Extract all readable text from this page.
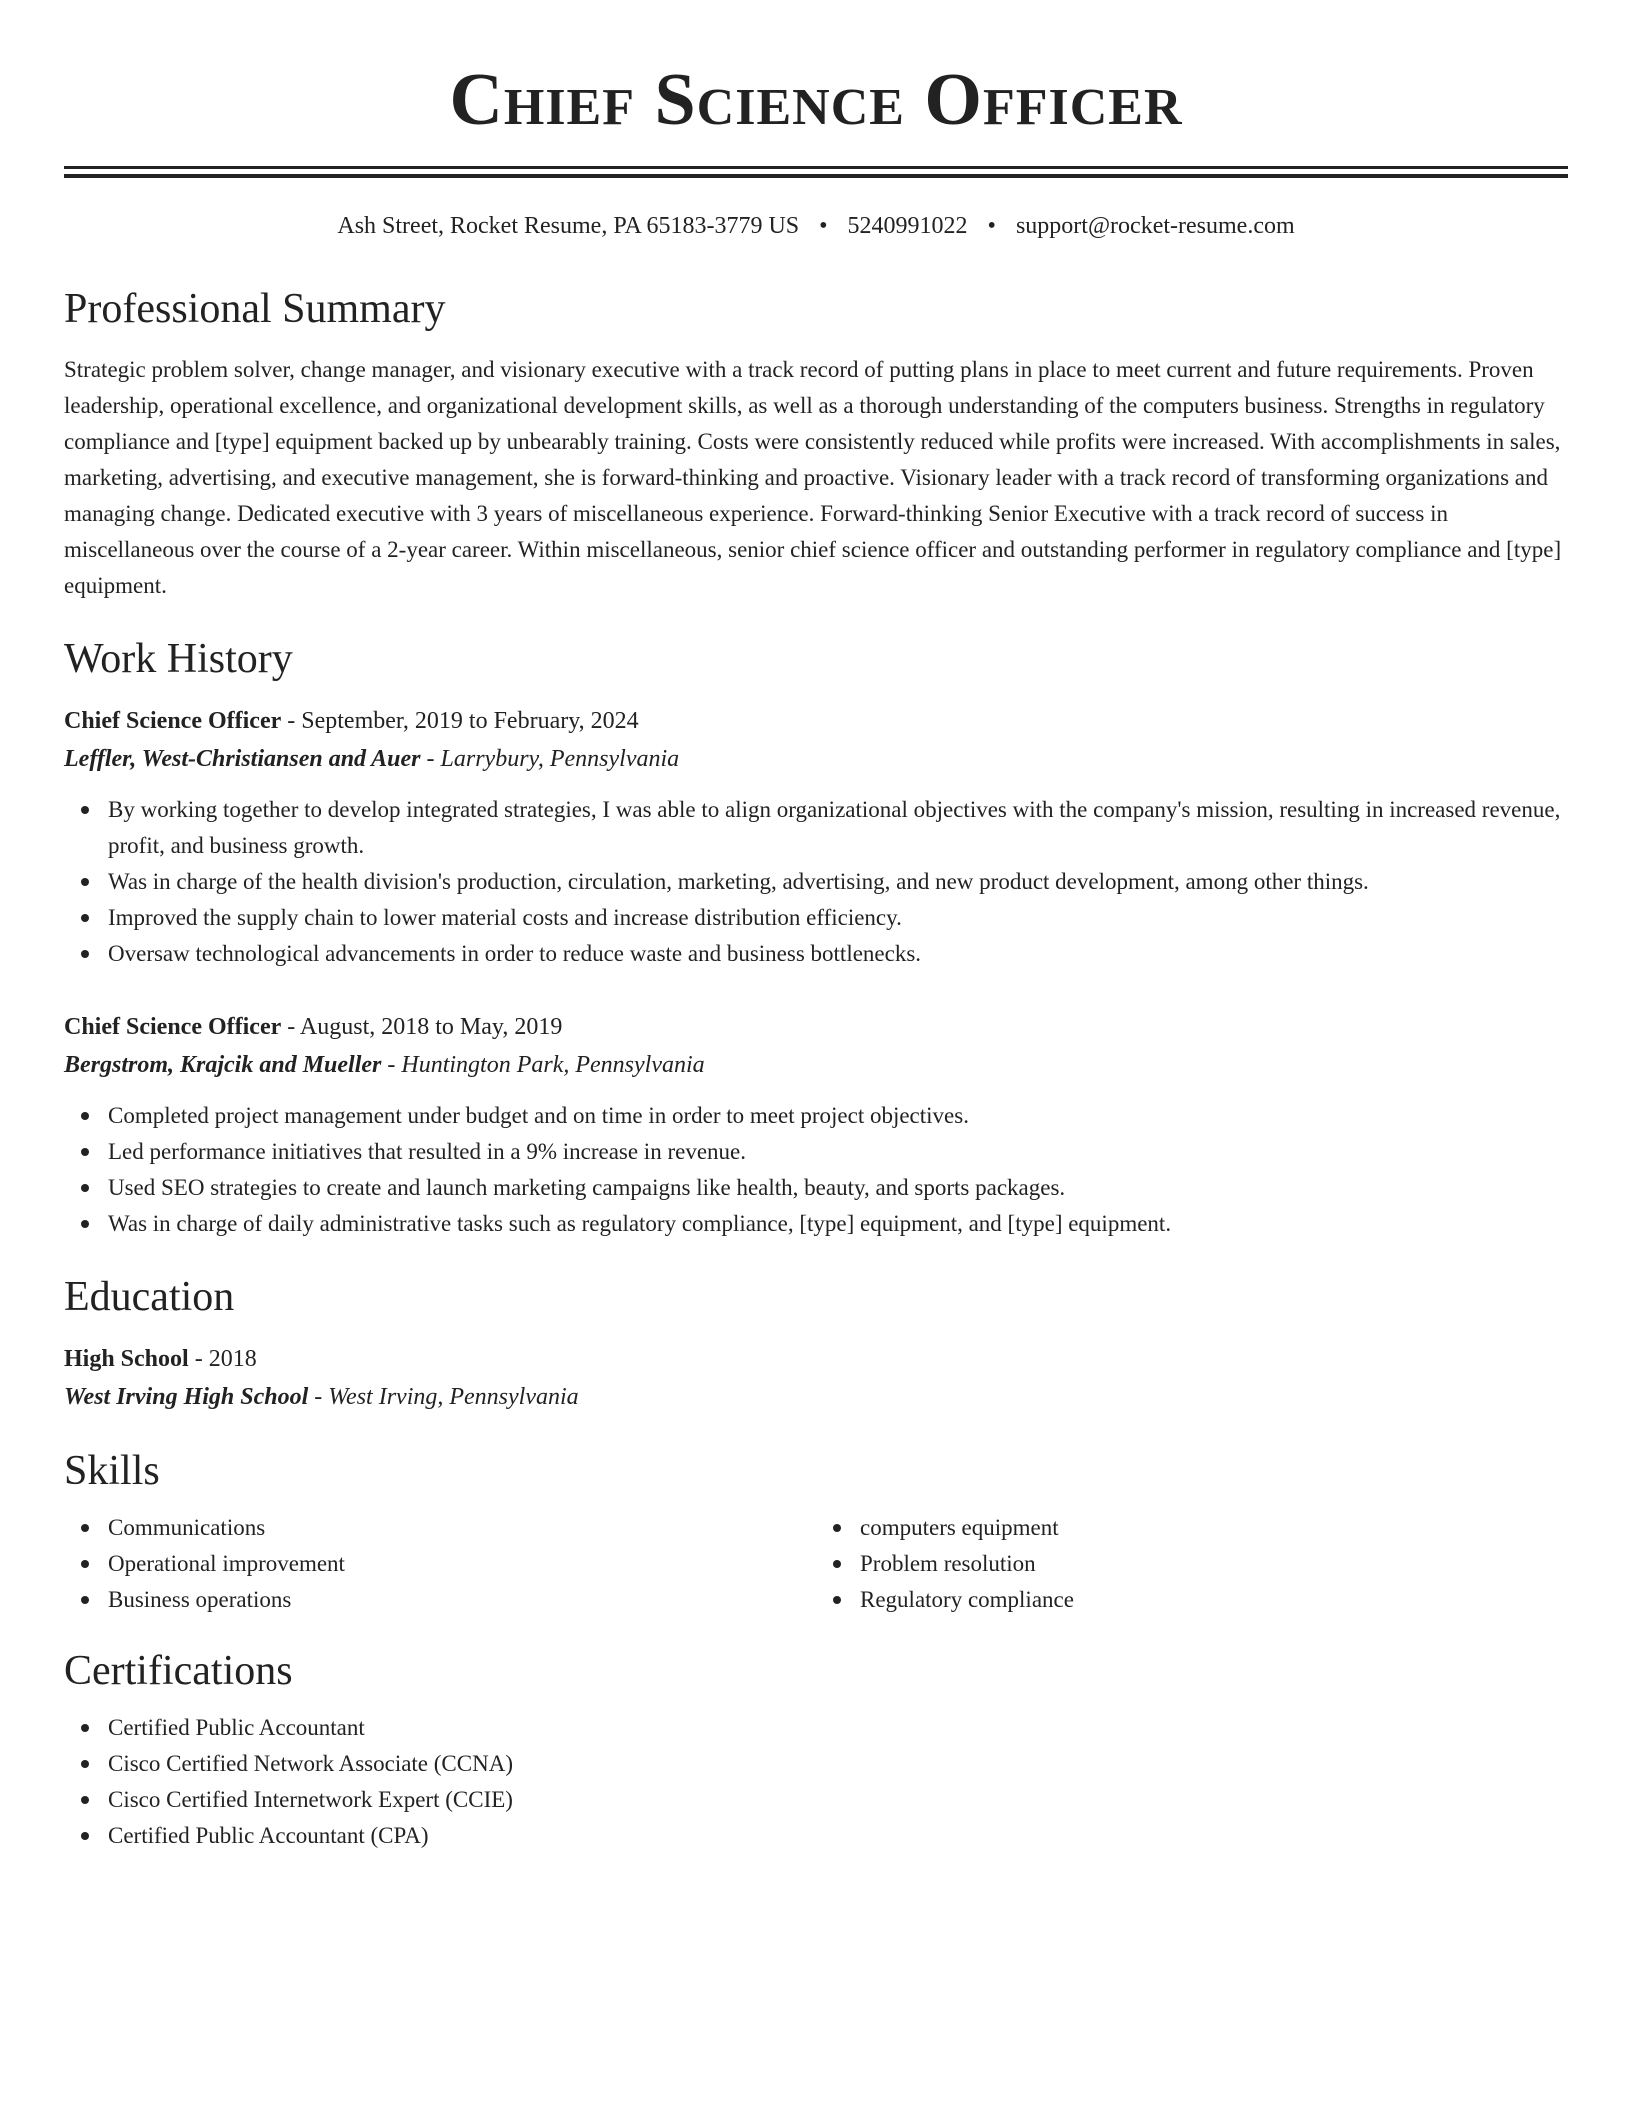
Chief Science Officer
Ash Street, Rocket Resume, PA 65183-3779 US • 5240991022 • support@rocket-resume.com
Professional Summary

Strategic problem solver, change manager, and visionary executive with a track record of putting plans in place to meet current and future requirements. Proven leadership, operational excellence, and organizational development skills, as well as a thorough understanding of the computers business. Strengths in regulatory compliance and [type] equipment backed up by unbearably training. Costs were consistently reduced while profits were increased. With accomplishments in sales, marketing, advertising, and executive management, she is forward-thinking and proactive. Visionary leader with a track record of transforming organizations and managing change. Dedicated executive with 3 years of miscellaneous experience. Forward-thinking Senior Executive with a track record of success in miscellaneous over the course of a 2-year career. Within miscellaneous, senior chief science officer and outstanding performer in regulatory compliance and [type] equipment.

Work History
Chief Science Officer - September, 2019 to February, 2024
Leffler, West-Christiansen and Auer - Larrybury, Pennsylvania
By working together to develop integrated strategies, I was able to align organizational objectives with the company's mission, resulting in increased revenue, profit, and business growth.
Was in charge of the health division's production, circulation, marketing, advertising, and new product development, among other things.
Improved the supply chain to lower material costs and increase distribution efficiency.
Oversaw technological advancements in order to reduce waste and business bottlenecks.
Chief Science Officer - August, 2018 to May, 2019
Bergstrom, Krajcik and Mueller - Huntington Park, Pennsylvania
Completed project management under budget and on time in order to meet project objectives.
Led performance initiatives that resulted in a 9% increase in revenue.
Used SEO strategies to create and launch marketing campaigns like health, beauty, and sports packages.
Was in charge of daily administrative tasks such as regulatory compliance, [type] equipment, and [type] equipment.
Education
High School - 2018
West Irving High School - West Irving, Pennsylvania
Skills
Communications
Operational improvement
Business operations
computers equipment
Problem resolution
Regulatory compliance
Certifications
Certified Public Accountant
Cisco Certified Network Associate (CCNA)
Cisco Certified Internetwork Expert (CCIE)
Certified Public Accountant (CPA)
